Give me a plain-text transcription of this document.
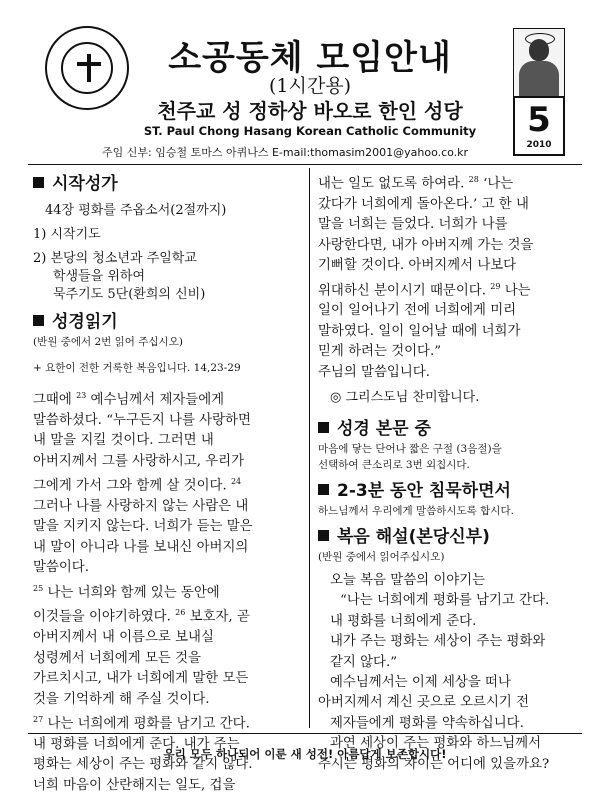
소공동체 모임안내
(1시간용)
천주교 성 정하상 바오로 한인 성당
ST. Paul Chong Hasang Korean Catholic Community
주임 신부: 임승철 토마스 아퀴나스 E-mail:thomasim2001@yahoo.co.kr
5
2010
시작성가
44장 평화를 주옵소서(2절까지)
1) 시작기도
2) 본당의 청소년과 주일학교
학생들을 위하여
묵주기도 5단(환희의 신비)
성경읽기
(반원 중에서 2번 읽어 주십시오)
+ 요한이 전한 거룩한 복음입니다. 14,23-29
그때에 $^{23}$ 예수님께서 제자들에게
말씀하셨다. “누구든지 나를 사랑하면
내 말을 지킬 것이다. 그러면 내
아버지께서 그를 사랑하시고, 우리가
그에게 가서 그와 함께 살 것이다. $^{24}$
그러나 나를 사랑하지 않는 사람은 내
말을 지키지 않는다. 너희가 듣는 말은
내 말이 아니라 나를 보내신 아버지의
말씀이다.
$^{25}$ 나는 너희와 함께 있는 동안에
이것들을 이야기하였다. $^{26}$ 보호자, 곧
아버지께서 내 이름으로 보내실
성령께서 너희에게 모든 것을
가르치시고, 내가 너희에게 말한 모든
것을 기억하게 해 주실 것이다.
$^{27}$ 나는 너희에게 평화를 남기고 간다.
내 평화를 너희에게 준다. 내가 주는
평화는 세상이 주는 평화와 같지 않다.
너희 마음이 산란해지는 일도, 겁을
내는 일도 없도록 하여라. $^{28}$ ‘나는
갔다가 너희에게 돌아온다.’ 고 한 내
말을 너희는 들었다. 너희가 나를
사랑한다면, 내가 아버지께 가는 것을
기뻐할 것이다. 아버지께서 나보다
위대하신 분이시기 때문이다. $^{29}$ 나는
일이 일어나기 전에 너희에게 미리
말하였다. 일이 일어날 때에 너희가
믿게 하려는 것이다.”
주님의 말씀입니다.
◎ 그리스도님 찬미합니다.
성경 본문 중
마음에 닿는 단어나 짧은 구절 (3음절)을
선택하여 큰소리로 3번 외칩시다.
2-3분 동안 침묵하면서
하느님께서 우리에게 말씀하시도록 합시다.
복음 해설(본당신부)
(반원 중에서 읽어주십시오)
오늘 복음 말씀의 이야기는
“나는 너희에게 평화를 남기고 간다.
내 평화를 너희에게 준다.
내가 주는 평화는 세상이 주는 평화와
같지 않다.”
예수님께서는 이제 세상을 떠나
아버지께서 계신 곳으로 오르시기 전
제자들에게 평화를 약속하십니다.
과연 세상이 주는 평화와 하느님께서
주시는 평화의 차이는 어디에 있을까요?
우리 모두 하나되어 이룬 새 성전! 아름답게 보존합시다!
